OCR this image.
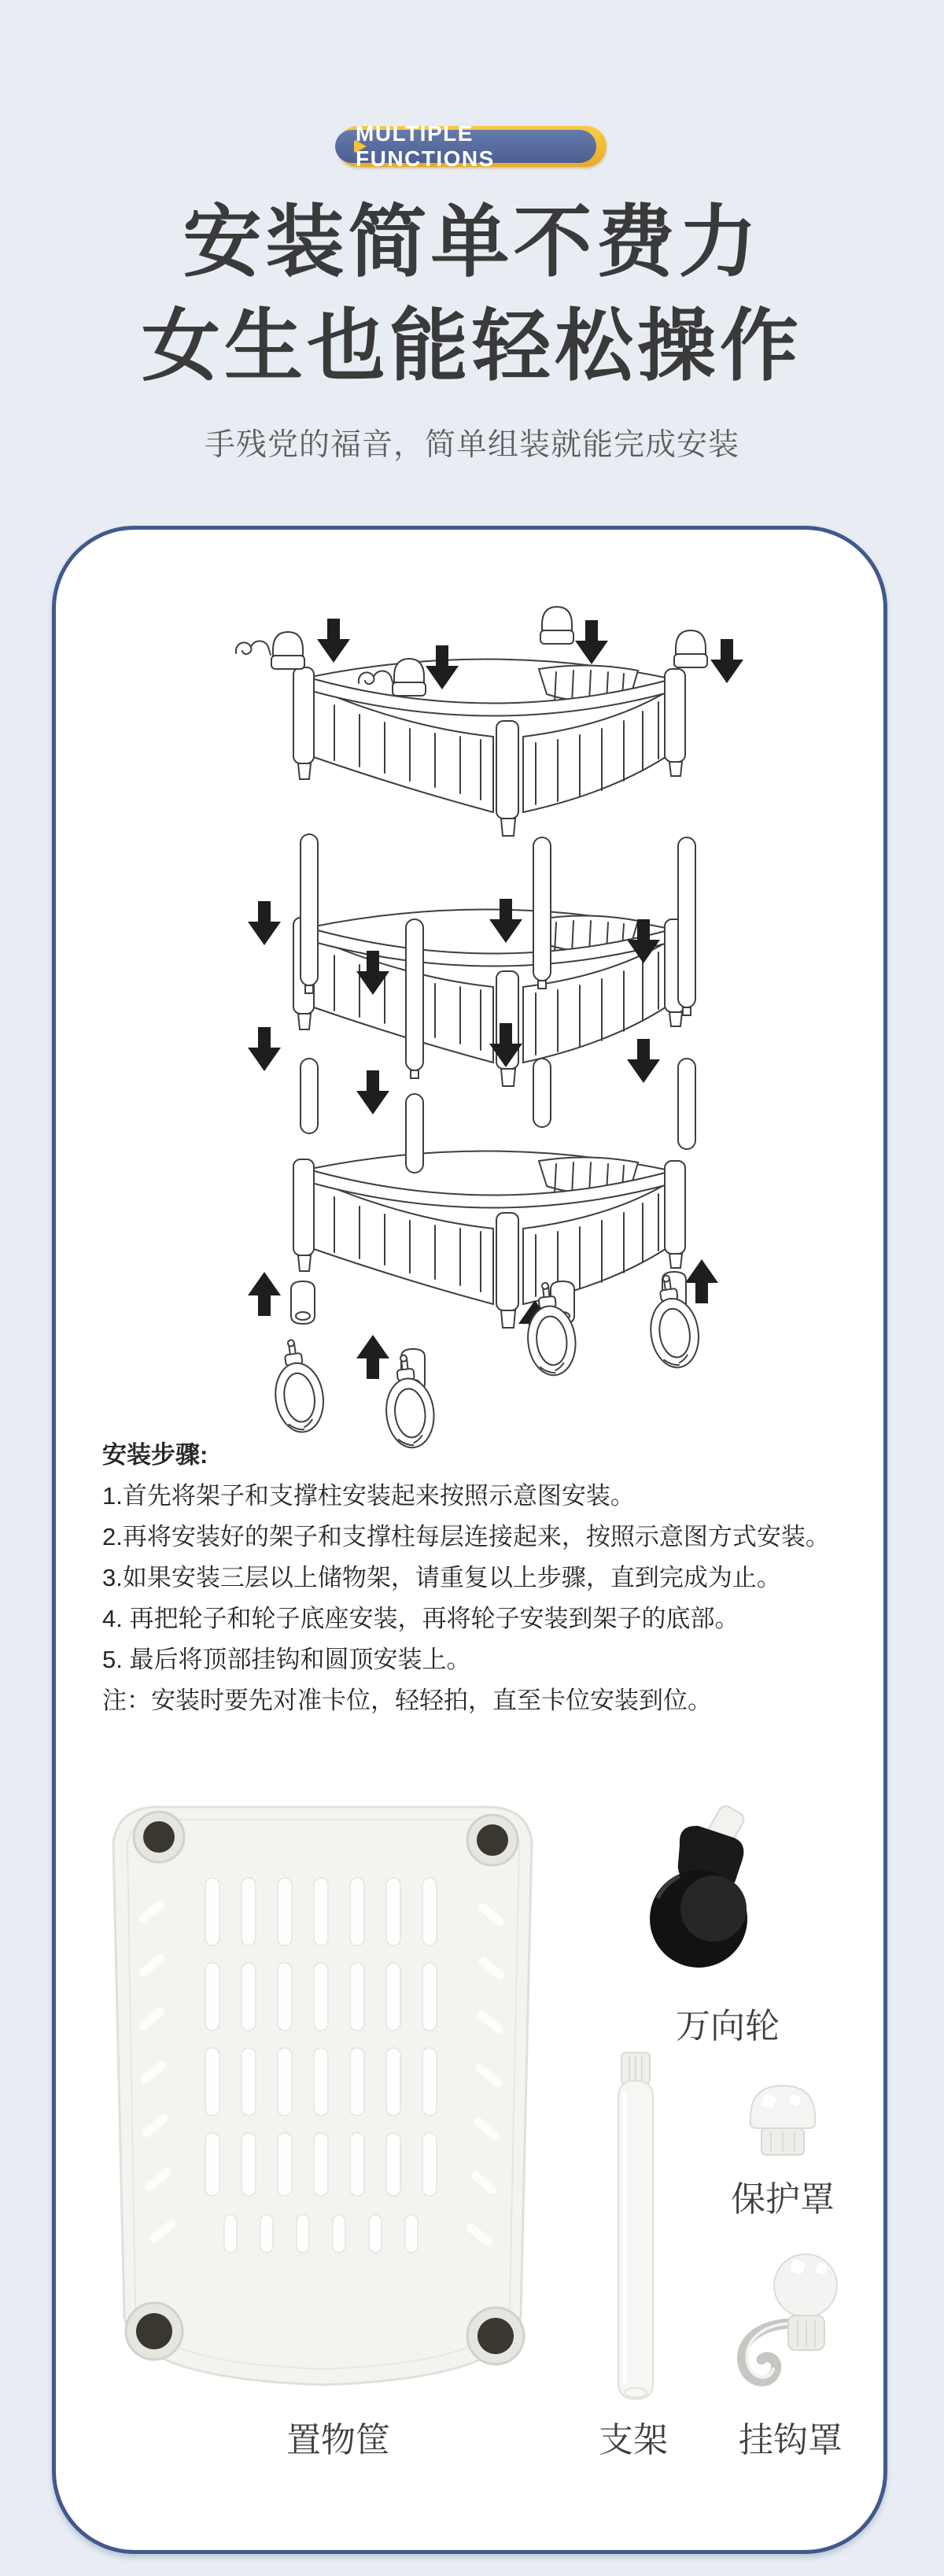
MULTIPLE FUNCTIONS
安装简单不费力
女生也能轻松操作
手残党的福音，简单组装就能完成安装
安装步骤:
1.首先将架子和支撑柱安装起来按照示意图安装。
2.再将安装好的架子和支撑柱每层连接起来，按照示意图方式安装。
3.如果安装三层以上储物架，请重复以上步骤，直到完成为止。
4. 再把轮子和轮子底座安装，再将轮子安装到架子的底部。
5. 最后将顶部挂钩和圆顶安装上。
注：安装时要先对准卡位，轻轻拍，直至卡位安装到位。
万向轮
保护罩
置物筐	支架 挂钩罩
